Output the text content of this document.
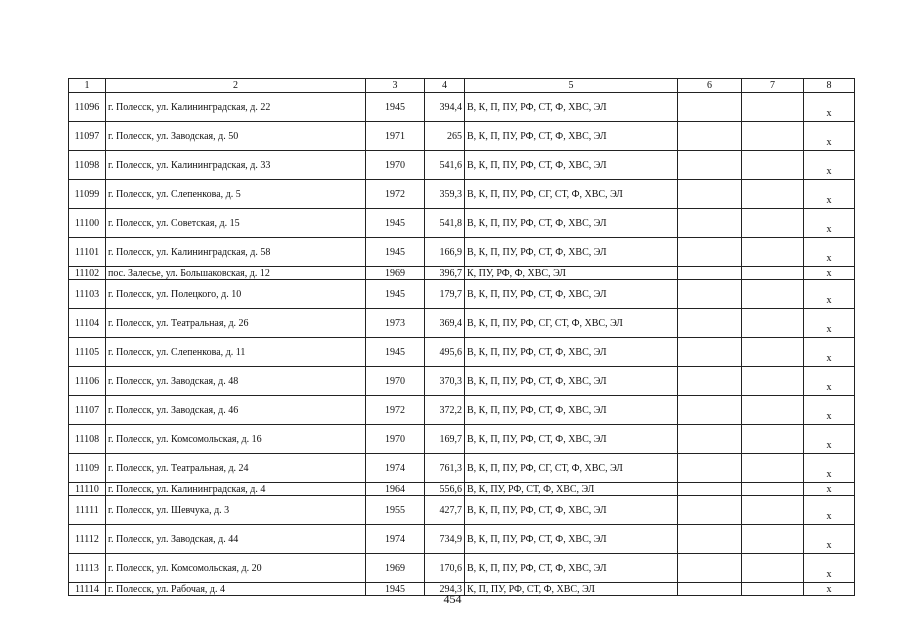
1	2	3	4	5	6	7	8
11096	г. Полесск, ул. Калининградская, д. 22	1945	394,4	В, К, П, ПУ, РФ, СТ, Ф, ХВС, ЭЛ			х
11097	г. Полесск, ул. Заводская, д. 50	1971	265	В, К, П, ПУ, РФ, СТ, Ф, ХВС, ЭЛ			х
11098	г. Полесск, ул. Калининградская, д. 33	1970	541,6	В, К, П, ПУ, РФ, СТ, Ф, ХВС, ЭЛ			х
11099	г. Полесск, ул. Слепенкова, д. 5	1972	359,3	В, К, П, ПУ, РФ, СГ, СТ, Ф, ХВС, ЭЛ			х
11100	г. Полесск, ул. Советская, д. 15	1945	541,8	В, К, П, ПУ, РФ, СТ, Ф, ХВС, ЭЛ			х
11101	г. Полесск, ул. Калининградская, д. 58	1945	166,9	В, К, П, ПУ, РФ, СТ, Ф, ХВС, ЭЛ			х
11102	пос. Залесье, ул. Большаковская, д. 12	1969	396,7	К, ПУ, РФ, Ф, ХВС, ЭЛ			х
11103	г. Полесск, ул. Полецкого, д. 10	1945	179,7	В, К, П, ПУ, РФ, СТ, Ф, ХВС, ЭЛ			х
11104	г. Полесск, ул. Театральная, д. 26	1973	369,4	В, К, П, ПУ, РФ, СГ, СТ, Ф, ХВС, ЭЛ			х
11105	г. Полесск, ул. Слепенкова, д. 11	1945	495,6	В, К, П, ПУ, РФ, СТ, Ф, ХВС, ЭЛ			х
11106	г. Полесск, ул. Заводская, д. 48	1970	370,3	В, К, П, ПУ, РФ, СТ, Ф, ХВС, ЭЛ			х
11107	г. Полесск, ул. Заводская, д. 46	1972	372,2	В, К, П, ПУ, РФ, СТ, Ф, ХВС, ЭЛ			х
11108	г. Полесск, ул. Комсомольская, д. 16	1970	169,7	В, К, П, ПУ, РФ, СТ, Ф, ХВС, ЭЛ			х
11109	г. Полесск, ул. Театральная, д. 24	1974	761,3	В, К, П, ПУ, РФ, СГ, СТ, Ф, ХВС, ЭЛ			х
11110	г. Полесск, ул. Калининградская, д. 4	1964	556,6	В, К, ПУ, РФ, СТ, Ф, ХВС, ЭЛ			х
11111	г. Полесск, ул. Шевчука, д. 3	1955	427,7	В, К, П, ПУ, РФ, СТ, Ф, ХВС, ЭЛ			х
11112	г. Полесск, ул. Заводская, д. 44	1974	734,9	В, К, П, ПУ, РФ, СТ, Ф, ХВС, ЭЛ			х
11113	г. Полесск, ул. Комсомольская, д. 20	1969	170,6	В, К, П, ПУ, РФ, СТ, Ф, ХВС, ЭЛ			х
11114	г. Полесск, ул. Рабочая, д. 4	1945	294,3	К, П, ПУ, РФ, СТ, Ф, ХВС, ЭЛ			х
454
